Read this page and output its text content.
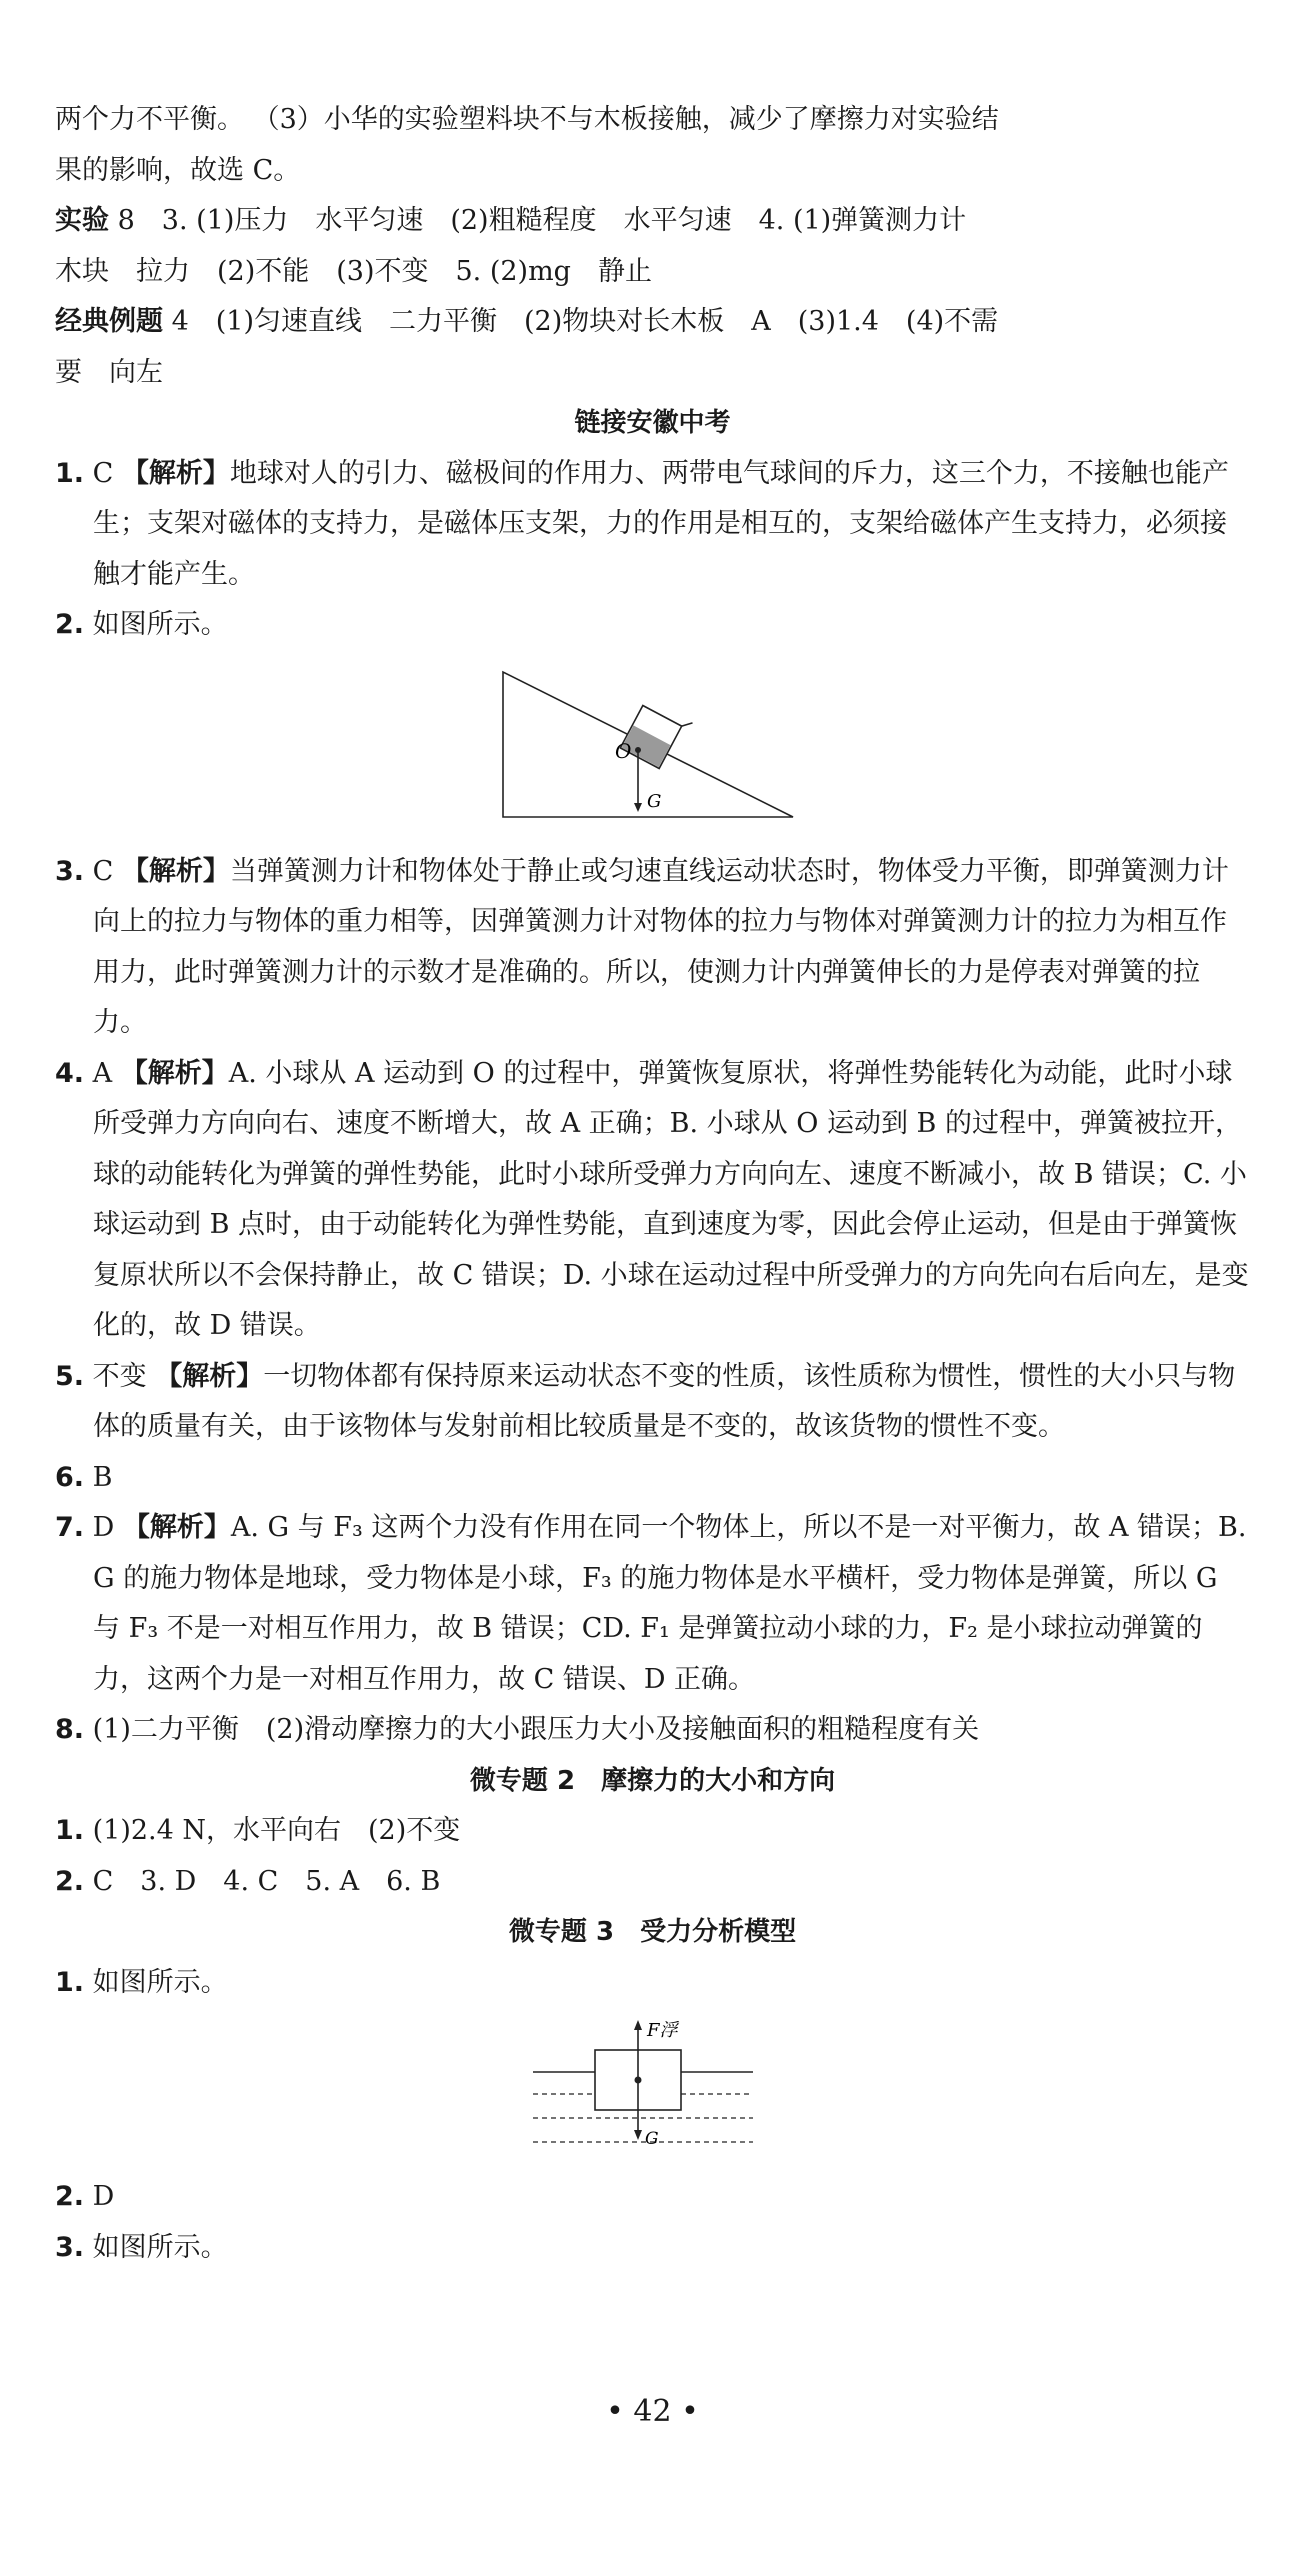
两个力不平衡。 （3）小华的实验塑料块不与木板接触，减少了摩擦力对实验结

果的影响，故选 C。

实验 8　3. (1)压力　水平匀速　(2)粗糙程度　水平匀速　4. (1)弹簧测力计

木块　拉力　(2)不能　(3)不变　5. (2)mg　静止

经典例题 4　(1)匀速直线　二力平衡　(2)物块对长木板　A　(3)1.4　(4)不需

要　向左

链接安徽中考

1. C 【解析】地球对人的引力、磁极间的作用力、两带电气球间的斥力，这三个力，不接触也能产生；支架对磁体的支持力，是磁体压支架，力的作用是相互的，支架给磁体产生支持力，必须接触才能产生。

2. 如图所示。

O
G

3. C 【解析】当弹簧测力计和物体处于静止或匀速直线运动状态时，物体受力平衡，即弹簧测力计向上的拉力与物体的重力相等，因弹簧测力计对物体的拉力与物体对弹簧测力计的拉力为相互作用力，此时弹簧测力计的示数才是准确的。所以，使测力计内弹簧伸长的力是停表对弹簧的拉力。

4. A 【解析】A. 小球从 A 运动到 O 的过程中，弹簧恢复原状，将弹性势能转化为动能，此时小球所受弹力方向向右、速度不断增大，故 A 正确；B. 小球从 O 运动到 B 的过程中，弹簧被拉开，球的动能转化为弹簧的弹性势能，此时小球所受弹力方向向左、速度不断减小，故 B 错误；C. 小球运动到 B 点时，由于动能转化为弹性势能，直到速度为零，因此会停止运动，但是由于弹簧恢复原状所以不会保持静止，故 C 错误；D. 小球在运动过程中所受弹力的方向先向右后向左，是变化的，故 D 错误。

5. 不变 【解析】一切物体都有保持原来运动状态不变的性质，该性质称为惯性，惯性的大小只与物体的质量有关，由于该物体与发射前相比较质量是不变的，故该货物的惯性不变。

6. B

7. D 【解析】A. G 与 F₃ 这两个力没有作用在同一个物体上，所以不是一对平衡力，故 A 错误；B. G 的施力物体是地球，受力物体是小球，F₃ 的施力物体是水平横杆，受力物体是弹簧，所以 G 与 F₃ 不是一对相互作用力，故 B 错误；CD. F₁ 是弹簧拉动小球的力，F₂ 是小球拉动弹簧的力，这两个力是一对相互作用力，故 C 错误、D 正确。

8. (1)二力平衡　(2)滑动摩擦力的大小跟压力大小及接触面积的粗糙程度有关

微专题 2　摩擦力的大小和方向

1. (1)2.4 N，水平向右　(2)不变

2. C　3. D　4. C　5. A　6. B

微专题 3　受力分析模型

1. 如图所示。

F浮
G

2. D

3. 如图所示。

• 42 •
